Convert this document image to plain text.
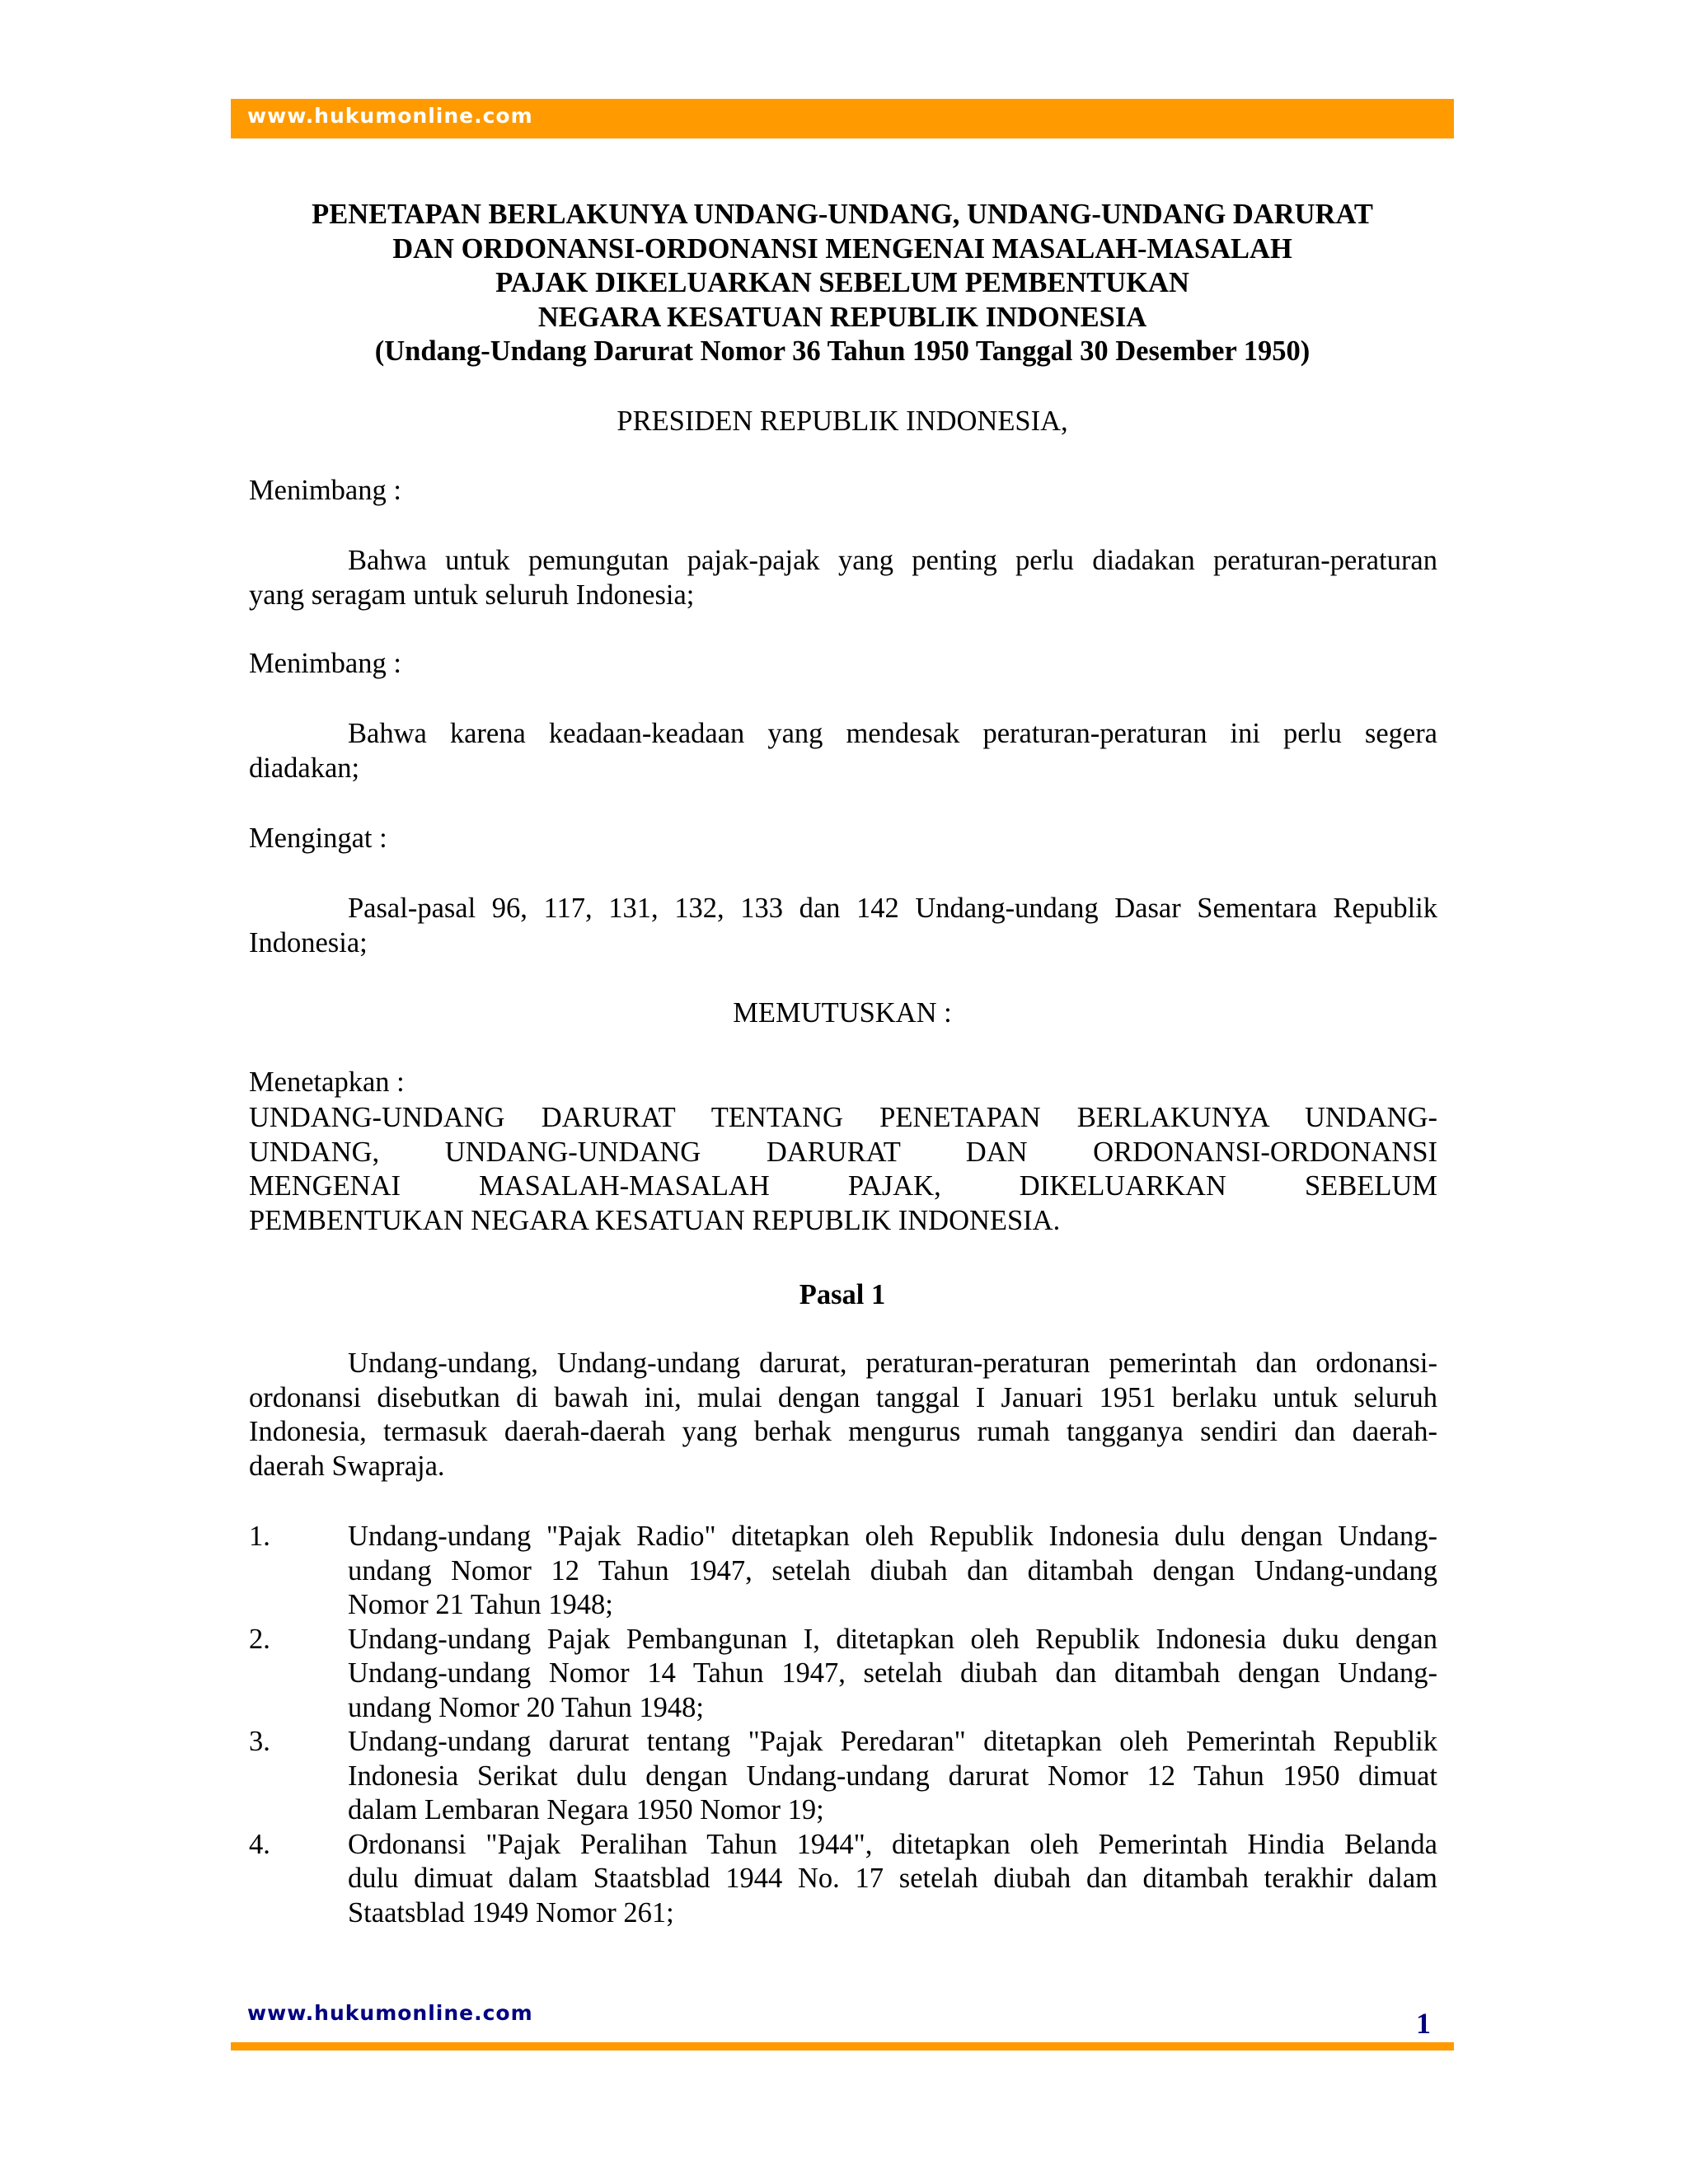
www.hukumonline.com
PENETAPAN BERLAKUNYA UNDANG-UNDANG, UNDANG-UNDANG DARURAT
DAN ORDONANSI-ORDONANSI MENGENAI MASALAH-MASALAH
PAJAK DIKELUARKAN SEBELUM PEMBENTUKAN
NEGARA KESATUAN REPUBLIK INDONESIA
(Undang-Undang Darurat Nomor 36 Tahun 1950 Tanggal 30 Desember 1950)
PRESIDEN REPUBLIK INDONESIA,
Menimbang :
Bahwa untuk pemungutan pajak-pajak yang penting perlu diadakan peraturan-peraturan
yang seragam untuk seluruh Indonesia;
Menimbang :
Bahwa karena keadaan-keadaan yang mendesak peraturan-peraturan ini perlu segera
diadakan;
Mengingat :
Pasal-pasal 96, 117, 131, 132, 133 dan 142 Undang-undang Dasar Sementara Republik
Indonesia;
MEMUTUSKAN :
Menetapkan :
UNDANG-UNDANG DARURAT TENTANG PENETAPAN BERLAKUNYA UNDANG-
UNDANG, UNDANG-UNDANG DARURAT DAN ORDONANSI-ORDONANSI
MENGENAI MASALAH-MASALAH PAJAK, DIKELUARKAN SEBELUM
PEMBENTUKAN NEGARA KESATUAN REPUBLIK INDONESIA.
Pasal 1
Undang-undang, Undang-undang darurat, peraturan-peraturan pemerintah dan ordonansi-
ordonansi disebutkan di bawah ini, mulai dengan tanggal I Januari 1951 berlaku untuk seluruh
Indonesia, termasuk daerah-daerah yang berhak mengurus rumah tangganya sendiri dan daerah-
daerah Swapraja.
1.	Undang-undang "Pajak Radio" ditetapkan oleh Republik Indonesia dulu dengan Undang-
undang Nomor 12 Tahun 1947, setelah diubah dan ditambah dengan Undang-undang
Nomor 21 Tahun 1948;
2.	Undang-undang Pajak Pembangunan I, ditetapkan oleh Republik Indonesia duku dengan
Undang-undang Nomor 14 Tahun 1947, setelah diubah dan ditambah dengan Undang-
undang Nomor 20 Tahun 1948;
3.	Undang-undang darurat tentang "Pajak Peredaran" ditetapkan oleh Pemerintah Republik
Indonesia Serikat dulu dengan Undang-undang darurat Nomor 12 Tahun 1950 dimuat
dalam Lembaran Negara 1950 Nomor 19;
4.	Ordonansi "Pajak Peralihan Tahun 1944", ditetapkan oleh Pemerintah Hindia Belanda
dulu dimuat dalam Staatsblad 1944 No. 17 setelah diubah dan ditambah terakhir dalam
Staatsblad 1949 Nomor 261;
www.hukumonline.com	1
